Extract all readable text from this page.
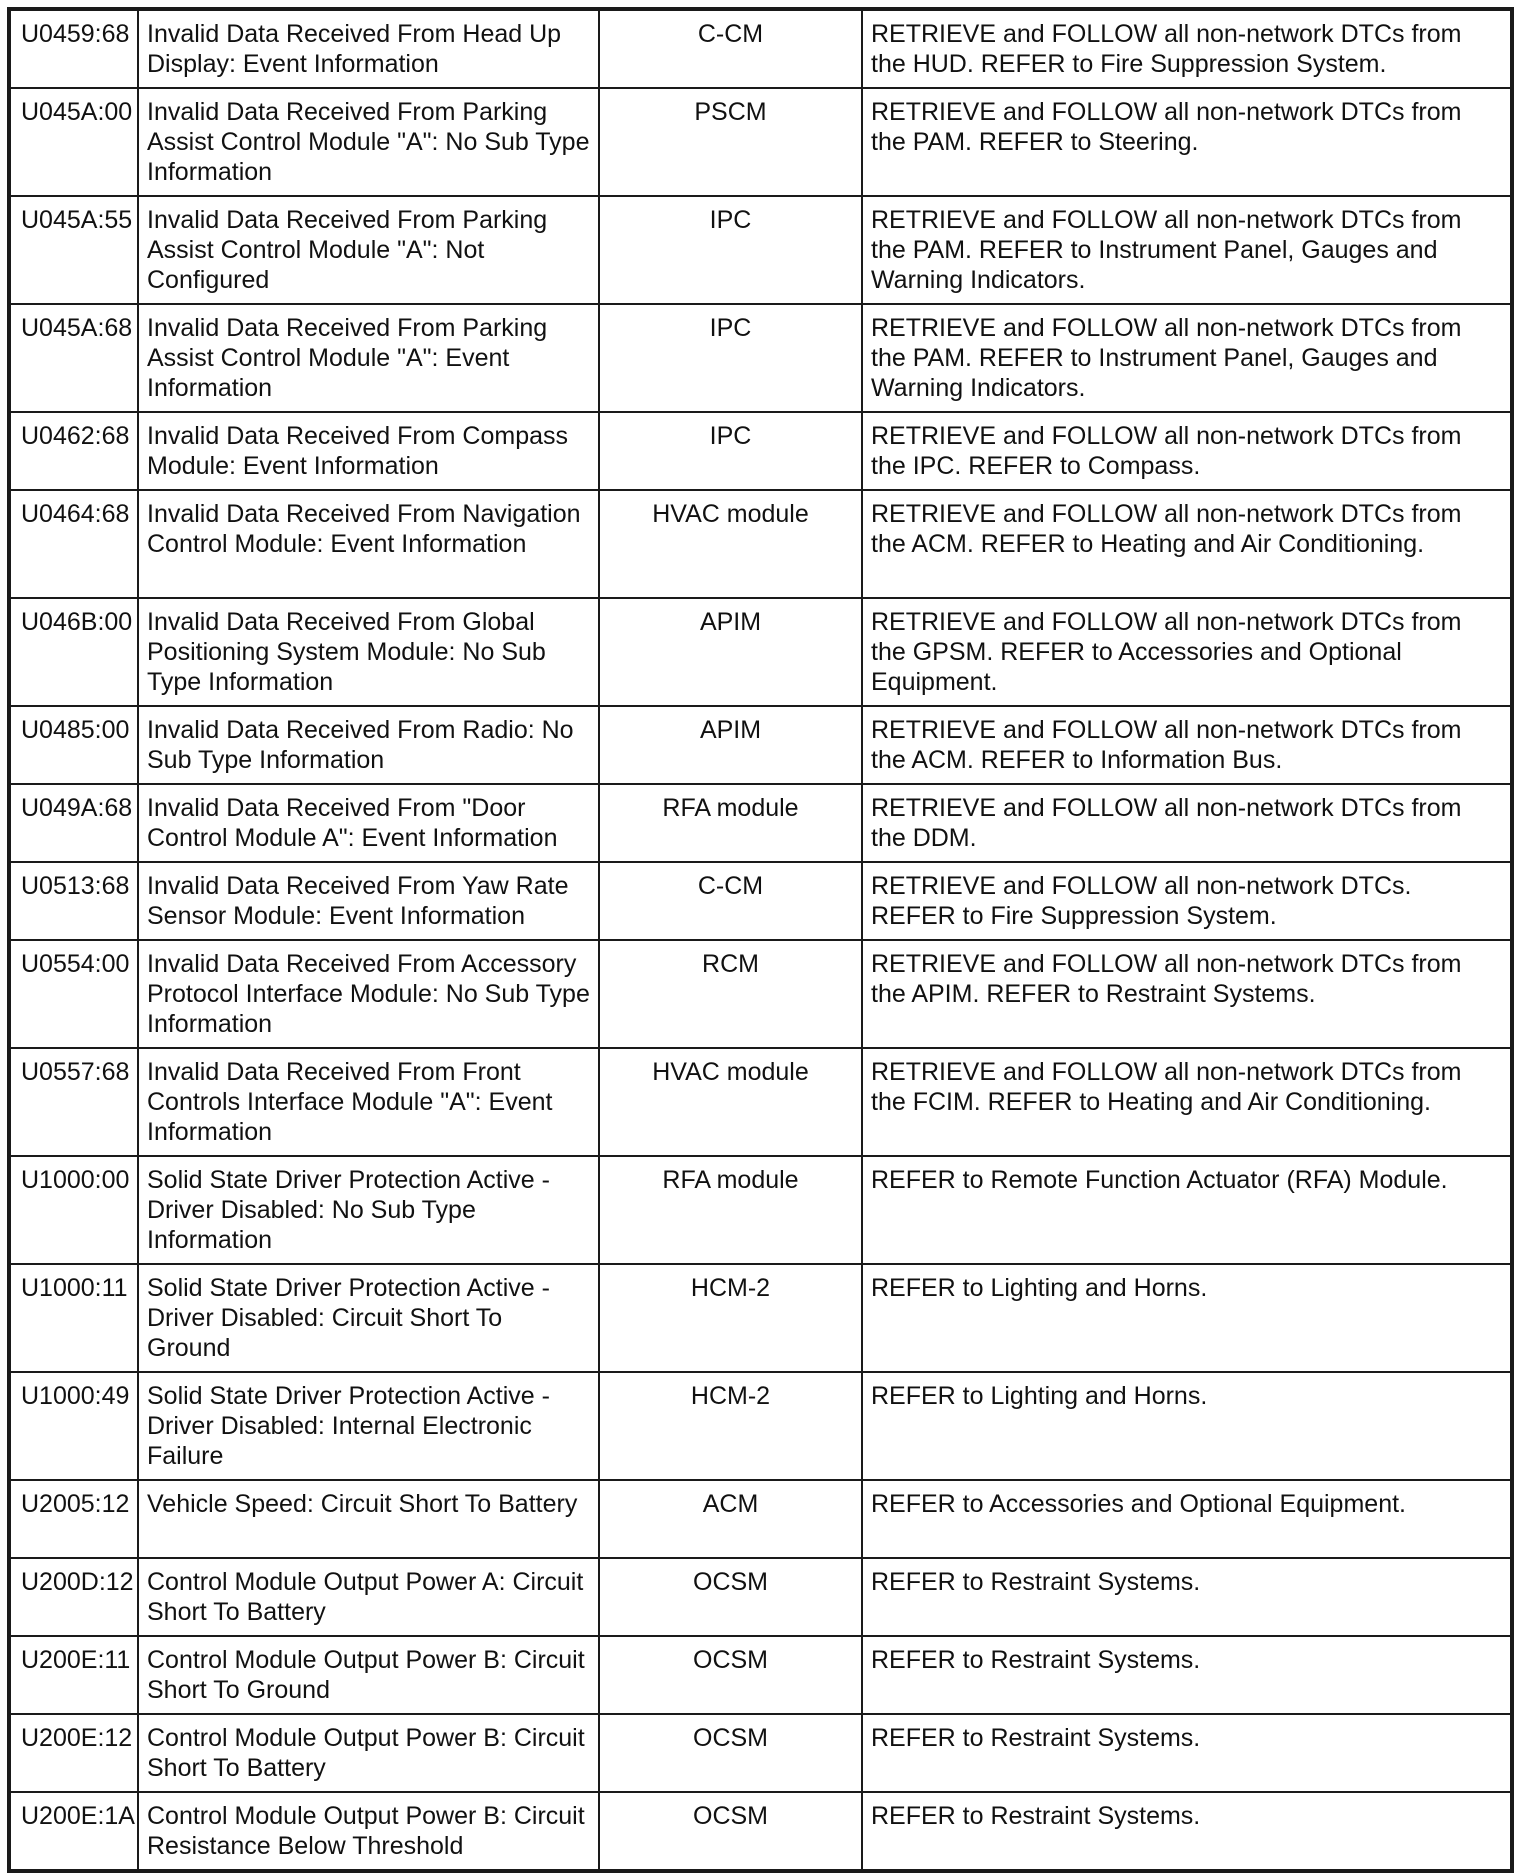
U0459:68	Invalid Data Received From Head Up Display: Event Information	C-CM	RETRIEVE and FOLLOW all non-network DTCs from the HUD. REFER to Fire Suppression System.
U045A:00	Invalid Data Received From Parking Assist Control Module "A": No Sub Type Information	PSCM	RETRIEVE and FOLLOW all non-network DTCs from the PAM. REFER to Steering.
U045A:55	Invalid Data Received From Parking Assist Control Module "A": Not Configured	IPC	RETRIEVE and FOLLOW all non-network DTCs from the PAM. REFER to Instrument Panel, Gauges and Warning Indicators.
U045A:68	Invalid Data Received From Parking Assist Control Module "A": Event Information	IPC	RETRIEVE and FOLLOW all non-network DTCs from the PAM. REFER to Instrument Panel, Gauges and Warning Indicators.
U0462:68	Invalid Data Received From Compass Module: Event Information	IPC	RETRIEVE and FOLLOW all non-network DTCs from the IPC. REFER to Compass.
U0464:68	Invalid Data Received From Navigation Control Module: Event Information	HVAC module	RETRIEVE and FOLLOW all non-network DTCs from the ACM. REFER to Heating and Air Conditioning.
U046B:00	Invalid Data Received From Global Positioning System Module: No Sub Type Information	APIM	RETRIEVE and FOLLOW all non-network DTCs from the GPSM. REFER to Accessories and Optional Equipment.
U0485:00	Invalid Data Received From Radio: No Sub Type Information	APIM	RETRIEVE and FOLLOW all non-network DTCs from the ACM. REFER to Information Bus.
U049A:68	Invalid Data Received From "Door Control Module A": Event Information	RFA module	RETRIEVE and FOLLOW all non-network DTCs from the DDM.
U0513:68	Invalid Data Received From Yaw Rate Sensor Module: Event Information	C-CM	RETRIEVE and FOLLOW all non-network DTCs. REFER to Fire Suppression System.
U0554:00	Invalid Data Received From Accessory Protocol Interface Module: No Sub Type Information	RCM	RETRIEVE and FOLLOW all non-network DTCs from the APIM. REFER to Restraint Systems.
U0557:68	Invalid Data Received From Front Controls Interface Module "A": Event Information	HVAC module	RETRIEVE and FOLLOW all non-network DTCs from the FCIM. REFER to Heating and Air Conditioning.
U1000:00	Solid State Driver Protection Active - Driver Disabled: No Sub Type Information	RFA module	REFER to Remote Function Actuator (RFA) Module.
U1000:11	Solid State Driver Protection Active - Driver Disabled: Circuit Short To Ground	HCM-2	REFER to Lighting and Horns.
U1000:49	Solid State Driver Protection Active - Driver Disabled: Internal Electronic Failure	HCM-2	REFER to Lighting and Horns.
U2005:12	Vehicle Speed: Circuit Short To Battery	ACM	REFER to Accessories and Optional Equipment.
U200D:12	Control Module Output Power A: Circuit Short To Battery	OCSM	REFER to Restraint Systems.
U200E:11	Control Module Output Power B: Circuit Short To Ground	OCSM	REFER to Restraint Systems.
U200E:12	Control Module Output Power B: Circuit Short To Battery	OCSM	REFER to Restraint Systems.
U200E:1A	Control Module Output Power B: Circuit Resistance Below Threshold	OCSM	REFER to Restraint Systems.
